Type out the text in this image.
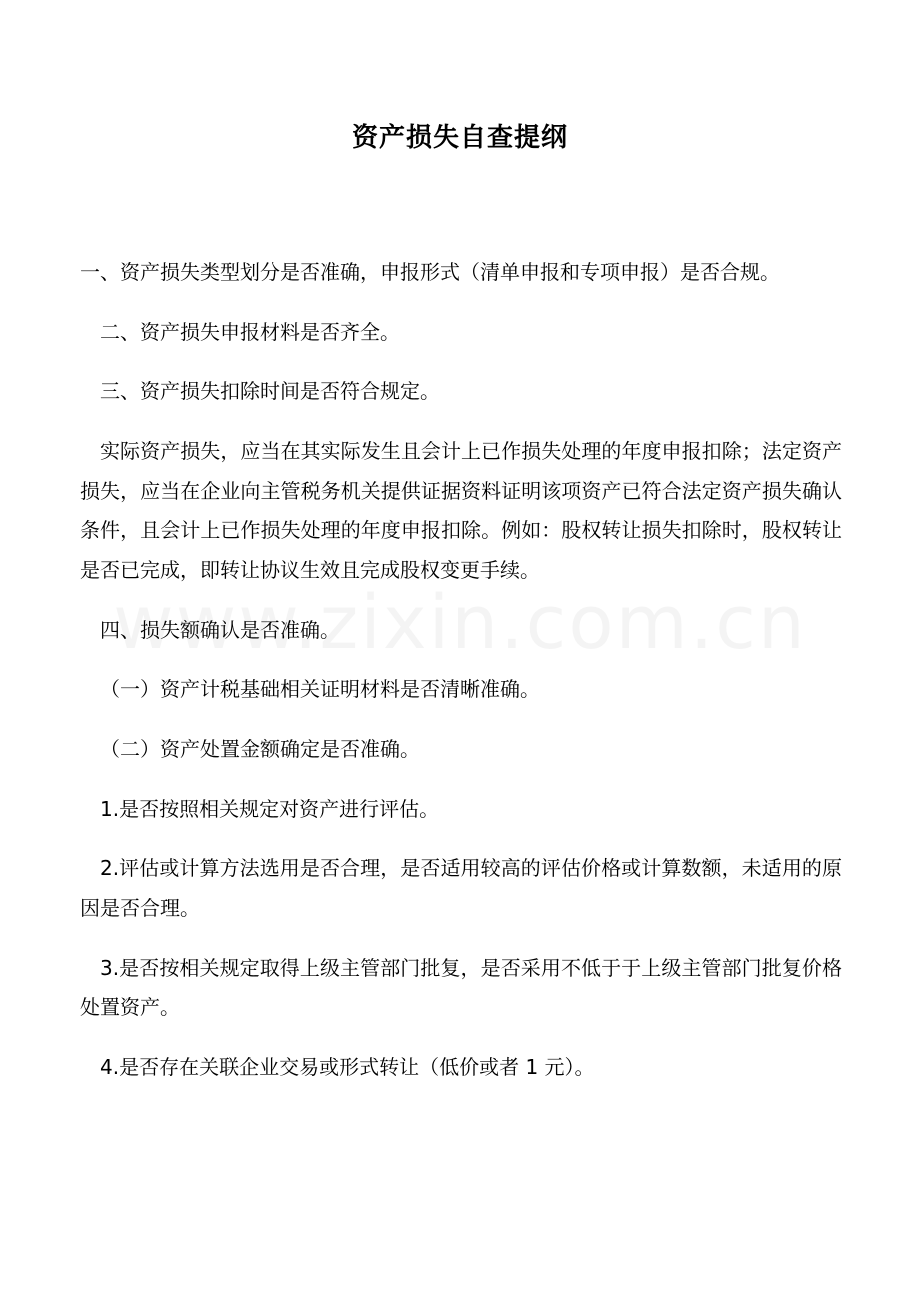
资产损失自查提纲

一、资产损失类型划分是否准确，申报形式（清单申报和专项申报）是否合规。

二、资产损失申报材料是否齐全。

三、资产损失扣除时间是否符合规定。

实际资产损失，应当在其实际发生且会计上已作损失处理的年度申报扣除；法定资产损失，应当在企业向主管税务机关提供证据资料证明该项资产已符合法定资产损失确认条件，且会计上已作损失处理的年度申报扣除。例如：股权转让损失扣除时，股权转让是否已完成，即转让协议生效且完成股权变更手续。

四、损失额确认是否准确。

（一）资产计税基础相关证明材料是否清晰准确。

（二）资产处置金额确定是否准确。

1.是否按照相关规定对资产进行评估。

2.评估或计算方法选用是否合理，是否适用较高的评估价格或计算数额，未适用的原因是否合理。

3.是否按相关规定取得上级主管部门批复，是否采用不低于于上级主管部门批复价格处置资产。

4.是否存在关联企业交易或形式转让（低价或者 1 元）。
